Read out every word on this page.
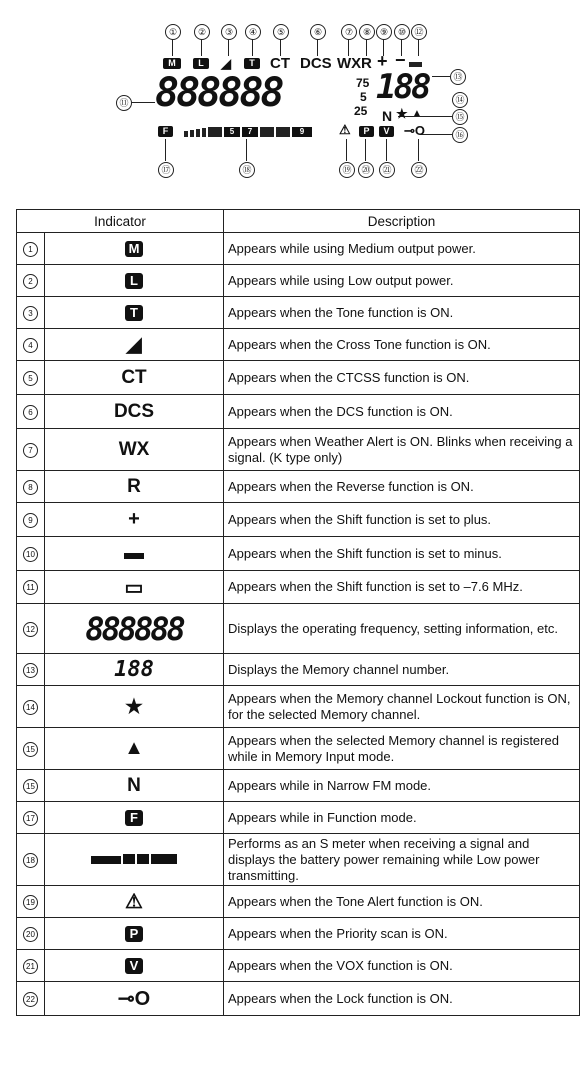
①	②	③	④	⑤	⑥	⑦	⑧ ⑨	⑩ ⑫
M	L	◢	T	CT DCS WX R + −
⑪ 888888	75
5
25
188	⑬
⑭
⑮
⑯
N ★ ▲
F	5	7	9	⚠	P	V	⊸O
⑰	⑱	⑲	⑳	㉑	㉒
Indicator		Description
1	M	Appears while using Medium output power.
2	L	Appears while using Low output power.
3	T	Appears when the Tone function is ON.
4	◢	Appears when the Cross Tone function is ON.
5	CT	Appears when the CTCSS function is ON.
6	DCS	Appears when the DCS function is ON.
7	WX	Appears when Weather Alert is ON. Blinks when receiving a signal. (K type only)
8	R	Appears when the Reverse function is ON.
9	+	Appears when the Shift function is set to plus.
10	▬	Appears when the Shift function is set to minus.
11	▭	Appears when the Shift function is set to –7.6 MHz.
12	888888	Displays the operating frequency, setting information, etc.
13	188	Displays the Memory channel number.
14	★	Appears when the Memory channel Lockout function is ON, for the selected Memory channel.
15	▲	Appears when the selected Memory channel is registered while in Memory Input mode.
15	N	Appears while in Narrow FM mode.
17	F	Appears while in Function mode.
18		Performs as an S meter when receiving a signal and displays the battery power remaining while Low power transmitting.
19	⚠	Appears when the Tone Alert function is ON.
20	P	Appears when the Priority scan is ON.
21	V	Appears when the VOX function is ON.
22	⊸O	Appears when the Lock function is ON.
